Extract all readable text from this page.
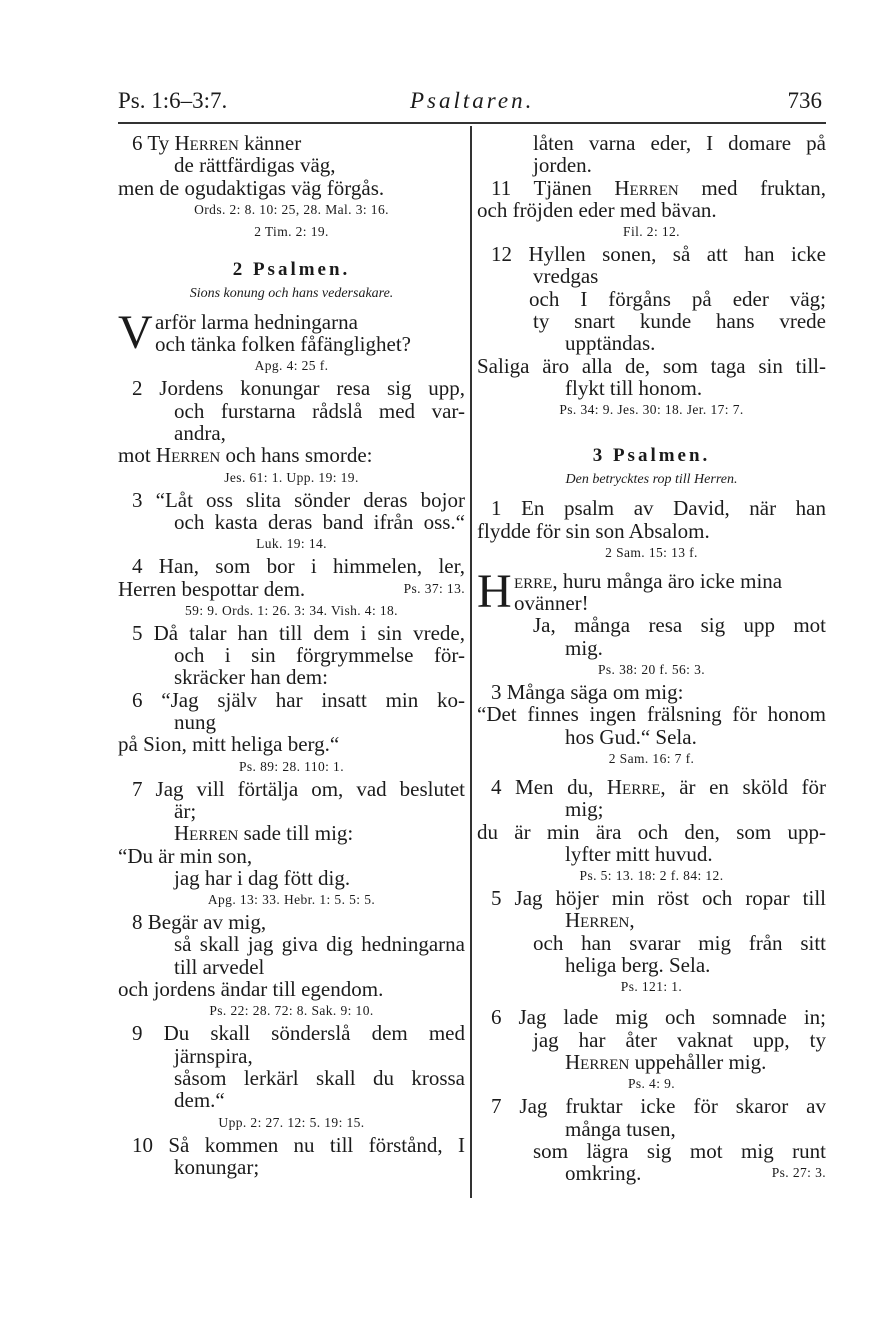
Ps. 1:6–3:7.	Psaltaren.	736
6 Ty Herren känner
de rättfärdigas väg,
men de ogudaktigas väg förgås.
Ords. 2: 8. 10: 25, 28. Mal. 3: 16.
2 Tim. 2: 19.
2 Psalmen.
Sions konung och hans vedersakare.
V arför larma hedningarna
och tänka folken fåfänglighet?
Apg. 4: 25 f.
2 Jordens konungar resa sig upp,
och furstarna rådslå med var-
andra,
mot Herren och hans smorde:
Jes. 61: 1. Upp. 19: 19.
3 “Låt oss slita sönder deras bojor
och kasta deras band ifrån oss.“
Luk. 19: 14.
4 Han, som bor i himmelen, ler,
Herren bespottar dem.	Ps. 37: 13.
59: 9. Ords. 1: 26. 3: 34. Vish. 4: 18.
5 Då talar han till dem i sin vrede,
och i sin förgrymmelse för-
skräcker han dem:
6 “Jag själv har insatt min ko-
nung
på Sion, mitt heliga berg.“
Ps. 89: 28. 110: 1.
7 Jag vill förtälja om, vad beslutet
är;
Herren sade till mig:
“Du är min son,
jag har i dag fött dig.
Apg. 13: 33. Hebr. 1: 5. 5: 5.
8 Begär av mig,
så skall jag giva dig hedningarna
till arvedel
och jordens ändar till egendom.
Ps. 22: 28. 72: 8. Sak. 9: 10.
9 Du skall sönderslå dem med
järnspira,
såsom lerkärl skall du krossa
dem.“
Upp. 2: 27. 12: 5. 19: 15.
10 Så kommen nu till förstånd, I
konungar;
låten varna eder, I domare på
jorden.
11 Tjänen Herren med fruktan,
och fröjden eder med bävan.
Fil. 2: 12.
12 Hyllen sonen, så att han icke
vredgas
och I förgåns på eder väg;
ty snart kunde hans vrede
upptändas.
Saliga äro alla de, som taga sin till-
flykt till honom.
Ps. 34: 9. Jes. 30: 18. Jer. 17: 7.
3 Psalmen.
Den betrycktes rop till Herren.
1 En psalm av David, när han
flydde för sin son Absalom.
2 Sam. 15: 13 f.
H erre, huru många äro icke mina
ovänner!
Ja, många resa sig upp mot
mig.
Ps. 38: 20 f. 56: 3.
3 Många säga om mig:
“Det finnes ingen frälsning för honom
hos Gud.“ Sela.
2 Sam. 16: 7 f.
4 Men du, Herre, är en sköld för
mig;
du är min ära och den, som upp-
lyfter mitt huvud.
Ps. 5: 13. 18: 2 f. 84: 12.
5 Jag höjer min röst och ropar till
Herren,
och han svarar mig från sitt
heliga berg. Sela.
Ps. 121: 1.
6 Jag lade mig och somnade in;
jag har åter vaknat upp, ty
Herren uppehåller mig.
Ps. 4: 9.
7 Jag fruktar icke för skaror av
många tusen,
som lägra sig mot mig runt
omkring.	Ps. 27: 3.
